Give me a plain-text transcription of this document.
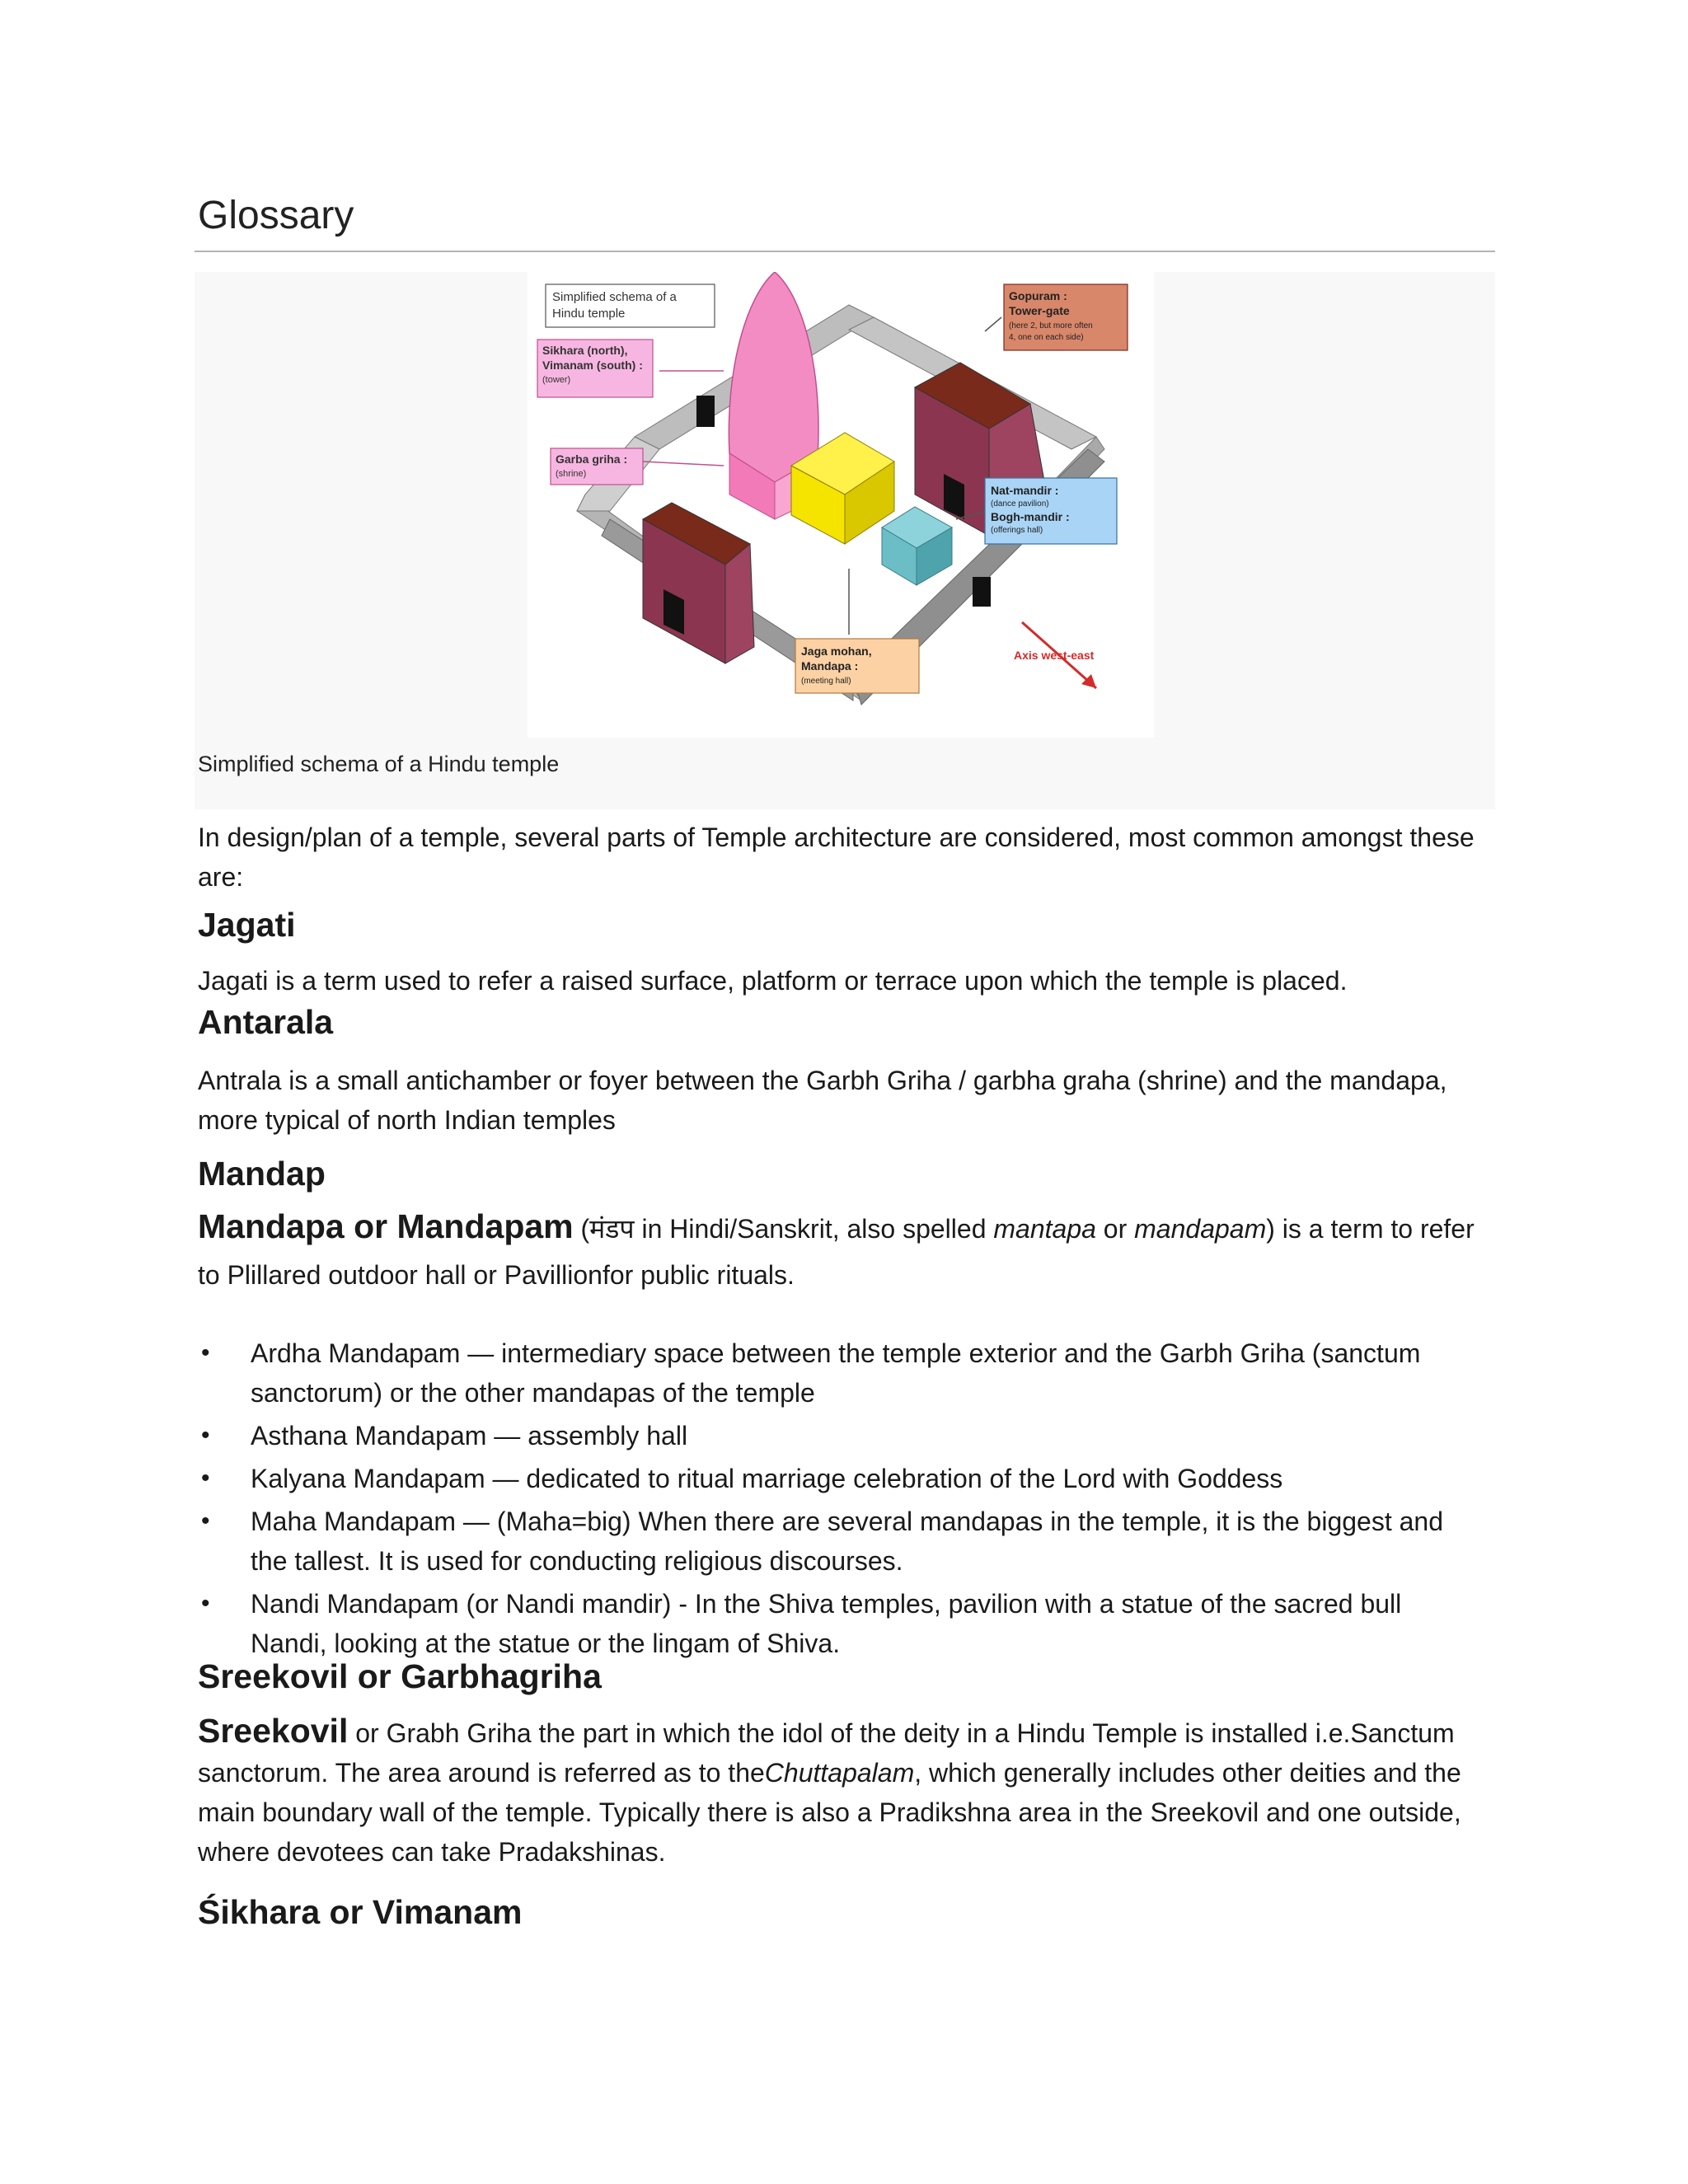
Glossary
Simplified schema of a
Hindu temple
Sikhara (north),
Vimanam (south) :
(tower)
Garba griha :
(shrine)
Gopuram :
Tower-gate
(here 2, but more often
4, one on each side)
Nat-mandir :
(dance pavilion)
Bogh-mandir :
(offerings hall)
Jaga mohan,
Mandapa :
(meeting hall)
Axis west-east
Simplified schema of a Hindu temple

In design/plan of a temple, several parts of Temple architecture are considered, most common amongst these are:

Jagati

Jagati is a term used to refer a raised surface, platform or terrace upon which the temple is placed.

Antarala

Antrala is a small antichamber or foyer between the Garbh Griha / garbha graha (shrine) and the mandapa, more typical of north Indian temples

Mandap

Mandapa or Mandapam (मंडप in Hindi/Sanskrit, also spelled mantapa or mandapam) is a term to refer to Plillared outdoor hall or Pavillionfor public rituals.

• Ardha Mandapam — intermediary space between the temple exterior and the Garbh Griha (sanctum sanctorum) or the other mandapas of the temple
• Asthana Mandapam — assembly hall
• Kalyana Mandapam — dedicated to ritual marriage celebration of the Lord with Goddess
• Maha Mandapam — (Maha=big) When there are several mandapas in the temple, it is the biggest and the tallest. It is used for conducting religious discourses.
• Nandi Mandapam (or Nandi mandir) - In the Shiva temples, pavilion with a statue of the sacred bull Nandi, looking at the statue or the lingam of Shiva.
Sreekovil or Garbhagriha

Sreekovil or Grabh Griha the part in which the idol of the deity in a Hindu Temple is installed i.e.Sanctum sanctorum. The area around is referred as to theChuttapalam, which generally includes other deities and the main boundary wall of the temple. Typically there is also a Pradikshna area in the Sreekovil and one outside, where devotees can take Pradakshinas.

Śikhara or Vimanam
